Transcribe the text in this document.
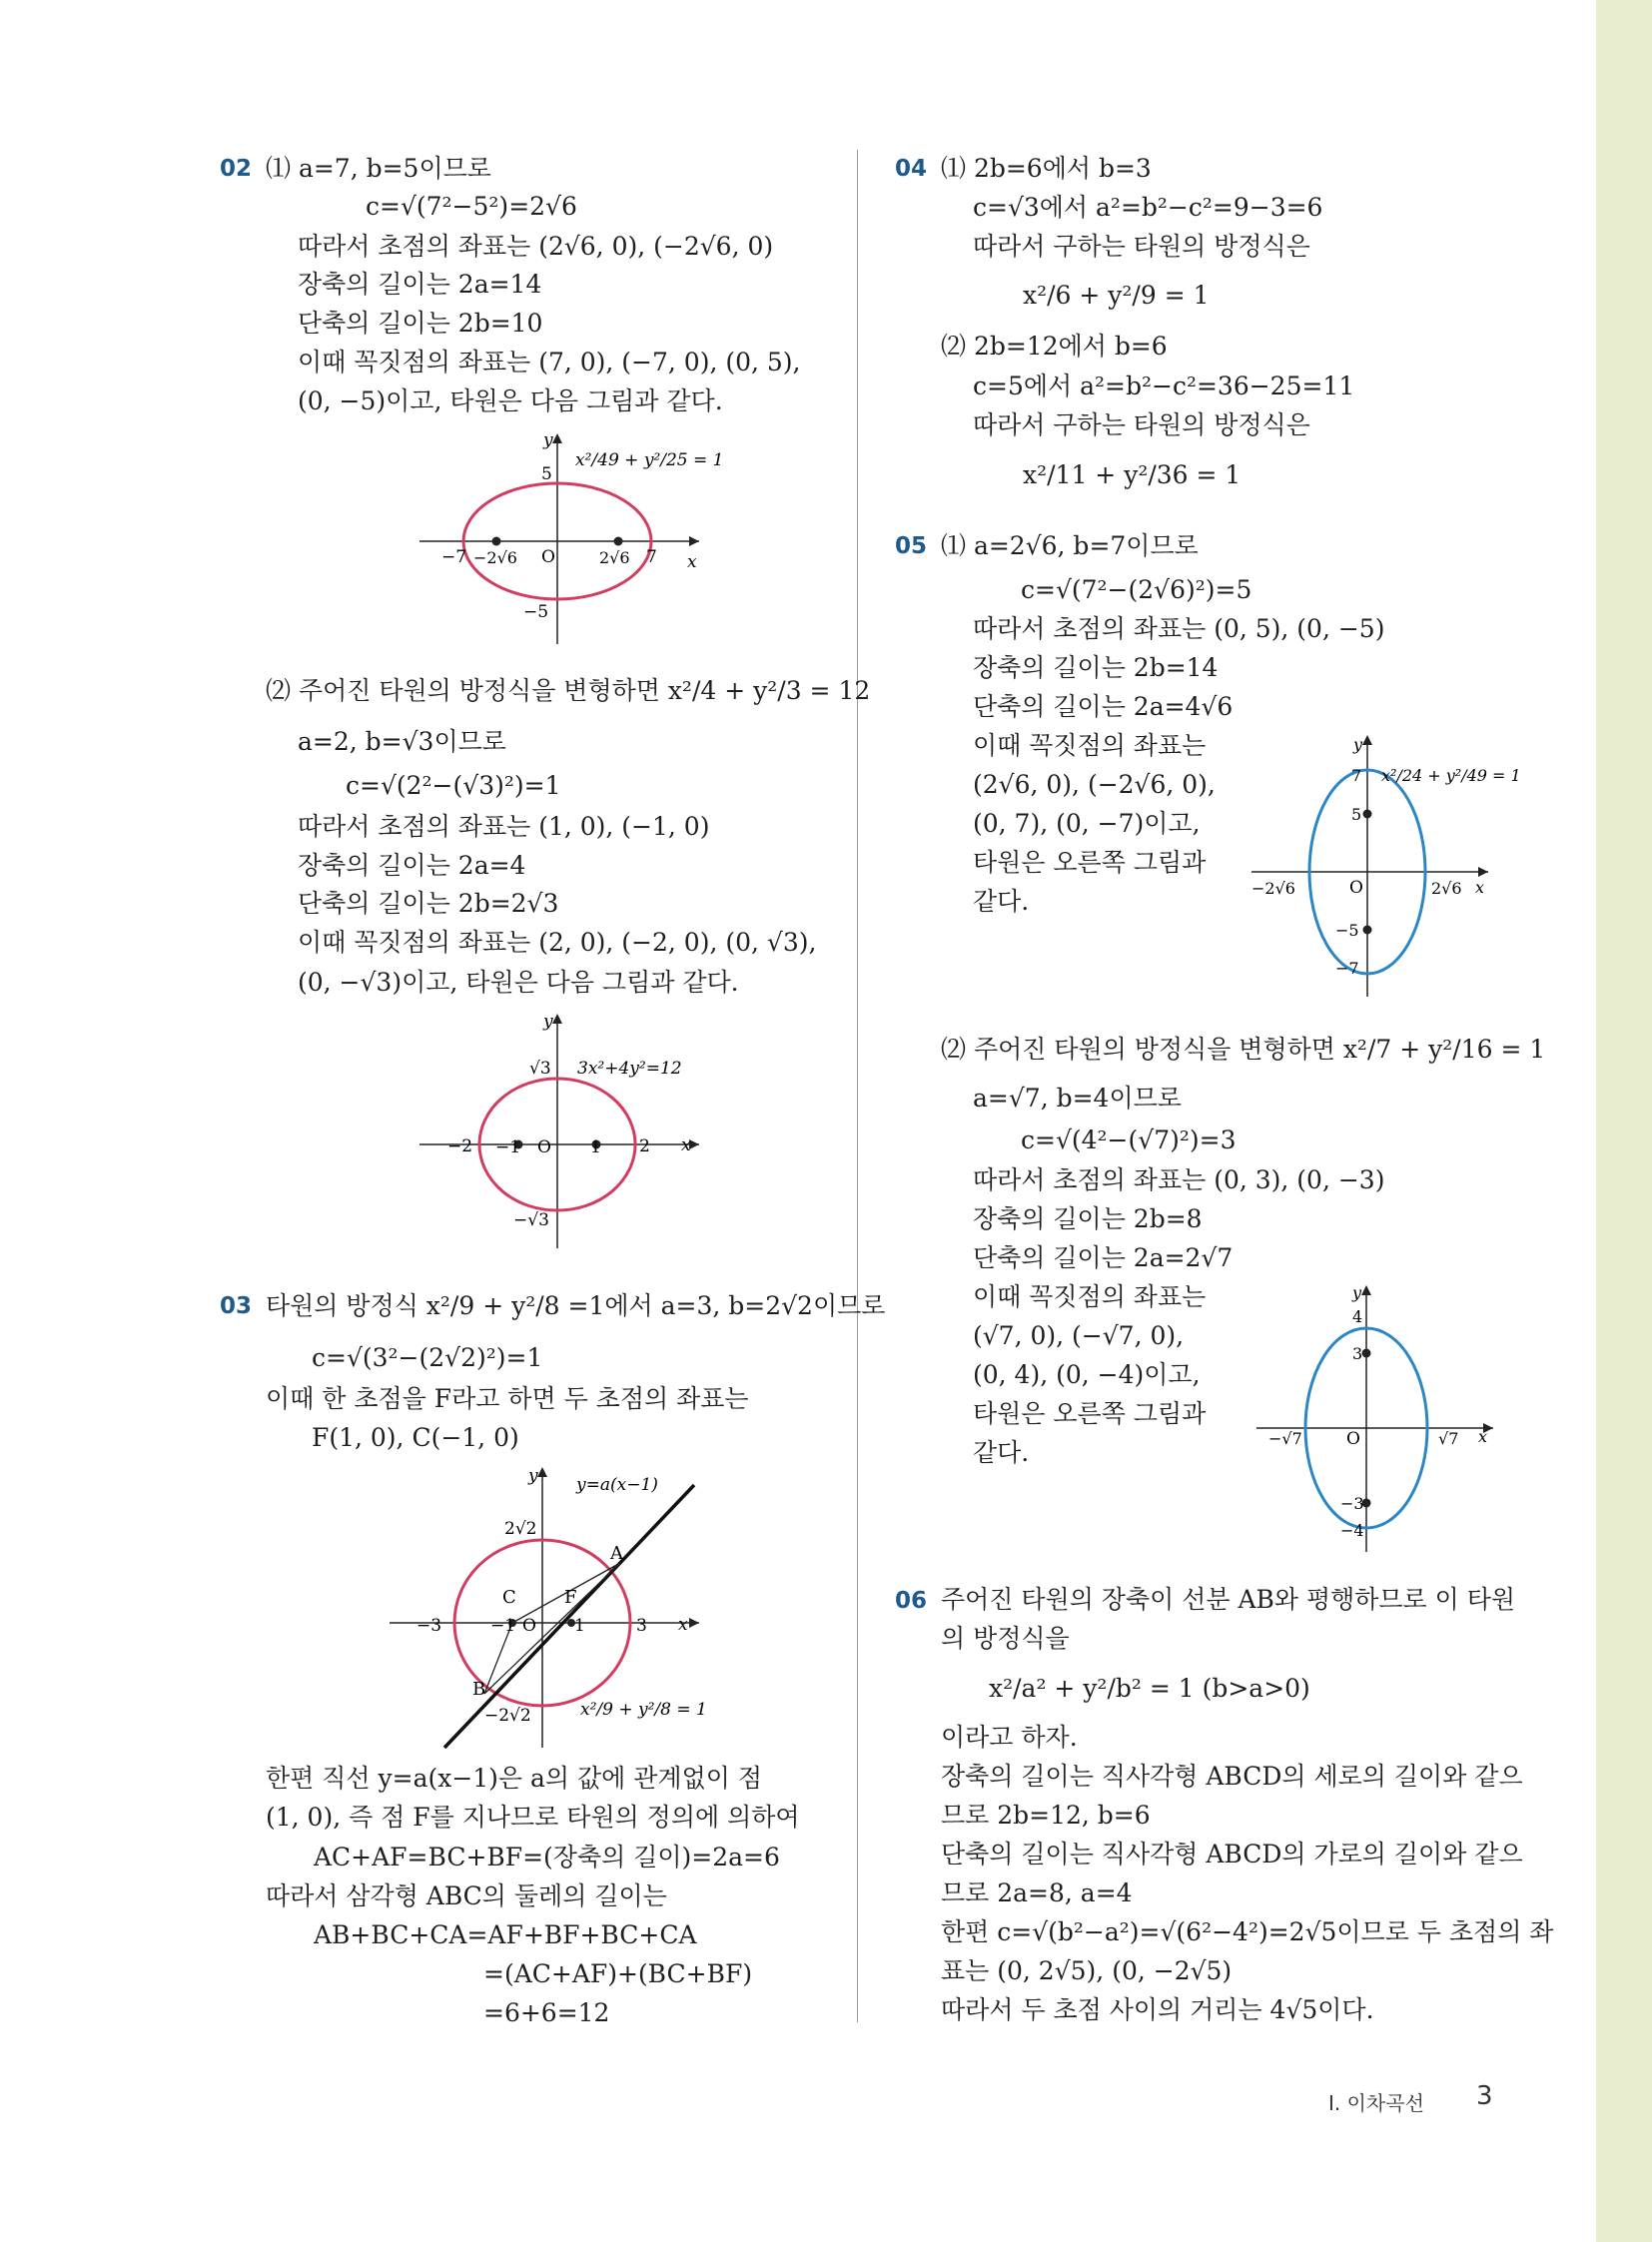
02 ⑴ a=7, b=5이므로
c=√(7²−5²)=2√6
따라서 초점의 좌표는 (2√6, 0), (−2√6, 0)
장축의 길이는 2a=14
단축의 길이는 2b=10
이때 꼭짓점의 좌표는 (7, 0), (−7, 0), (0, 5),
(0, −5)이고, 타원은 다음 그림과 같다.
y
x
O
5
−5
−7	7
−2√6	2√6
x²/49 + y²/25 = 1
⑵ 주어진 타원의 방정식을 변형하면 x²/4 + y²/3 = 12
a=2, b=√3이므로
c=√(2²−(√3)²)=1
따라서 초점의 좌표는 (1, 0), (−1, 0)
장축의 길이는 2a=4
단축의 길이는 2b=2√3
이때 꼭짓점의 좌표는 (2, 0), (−2, 0), (0, √3),
(0, −√3)이고, 타원은 다음 그림과 같다.
y
x
O
√3
−√3
−2	2
−1	1
3x²+4y²=12
03 타원의 방정식 x²/9 + y²/8 =1에서 a=3, b=2√2이므로
c=√(3²−(2√2)²)=1
이때 한 초점을 F라고 하면 두 초점의 좌표는
F(1, 0), C(−1, 0)
y
x
O
2√2
−2√2
−3	3
−1	1
A
B
C	F
y=a(x−1)
x²/9 + y²/8 = 1
한편 직선 y=a(x−1)은 a의 값에 관계없이 점
(1, 0), 즉 점 F를 지나므로 타원의 정의에 의하여
AC+AF=BC+BF=(장축의 길이)=2a=6
따라서 삼각형 ABC의 둘레의 길이는
AB+BC+CA=AF+BF+BC+CA
=(AC+AF)+(BC+BF)
=6+6=12
04 ⑴ 2b=6에서 b=3
c=√3에서 a²=b²−c²=9−3=6
따라서 구하는 타원의 방정식은
x²/6 + y²/9 = 1
⑵ 2b=12에서 b=6
c=5에서 a²=b²−c²=36−25=11
따라서 구하는 타원의 방정식은
x²/11 + y²/36 = 1
05 ⑴ a=2√6, b=7이므로
c=√(7²−(2√6)²)=5
따라서 초점의 좌표는 (0, 5), (0, −5)
장축의 길이는 2b=14
단축의 길이는 2a=4√6
이때 꼭짓점의 좌표는
(2√6, 0), (−2√6, 0),
(0, 7), (0, −7)이고,
타원은 오른쪽 그림과
같다.
y
x
O
7
−7
−2√6	2√6
5
−5
x²/24 + y²/49 = 1
⑵ 주어진 타원의 방정식을 변형하면 x²/7 + y²/16 = 1
a=√7, b=4이므로
c=√(4²−(√7)²)=3
따라서 초점의 좌표는 (0, 3), (0, −3)
장축의 길이는 2b=8
단축의 길이는 2a=2√7
이때 꼭짓점의 좌표는
(√7, 0), (−√7, 0),
(0, 4), (0, −4)이고,
타원은 오른쪽 그림과
같다.
y
x
O
4
−4
−√7	√7
3
−3
06 주어진 타원의 장축이 선분 AB와 평행하므로 이 타원
의 방정식을
x²/a² + y²/b² = 1 (b>a>0)
이라고 하자.
장축의 길이는 직사각형 ABCD의 세로의 길이와 같으
므로 2b=12, b=6
단축의 길이는 직사각형 ABCD의 가로의 길이와 같으
므로 2a=8, a=4
한편 c=√(b²−a²)=√(6²−4²)=2√5이므로 두 초점의 좌
표는 (0, 2√5), (0, −2√5)
따라서 두 초점 사이의 거리는 4√5이다.
I. 이차곡선 3
